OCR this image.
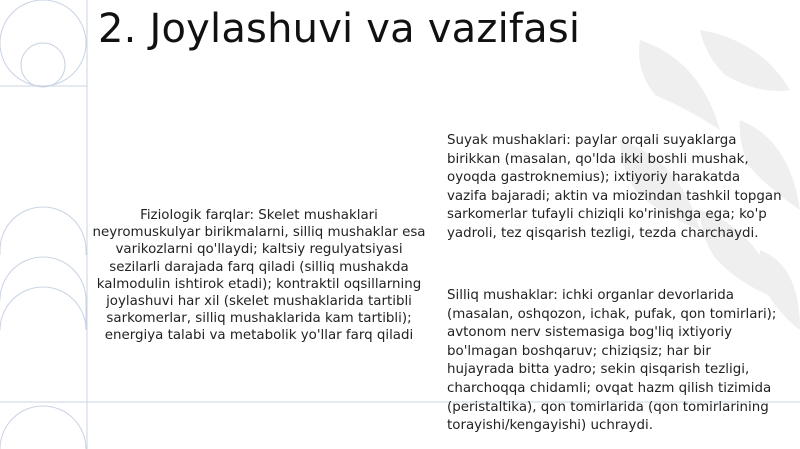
2. Joylashuvi va vazifasi
Fiziologik farqlar: Skelet mushaklari neyromuskulyar birikmalarni, silliq mushaklar esa varikozlarni qo'llaydi; kaltsiy regulyatsiyasi sezilarli darajada farq qiladi (silliq mushakda kalmodulin ishtirok etadi); kontraktil oqsillarning joylashuvi har xil (skelet mushaklarida tartibli sarkomerlar, silliq mushaklarida kam tartibli); energiya talabi va metabolik yo'llar farq qiladi
Suyak mushaklari: paylar orqali suyaklarga birikkan (masalan, qo'lda ikki boshli mushak, oyoqda gastroknemius); ixtiyoriy harakatda vazifa bajaradi; aktin va miozindan tashkil topgan sarkomerlar tufayli chiziqli ko'rinishga ega; ko'p yadroli, tez qisqarish tezligi, tezda charchaydi.
Silliq mushaklar: ichki organlar devorlarida (masalan, oshqozon, ichak, pufak, qon tomirlari); avtonom nerv sistemasiga bog'liq ixtiyoriy bo'lmagan boshqaruv; chiziqsiz; har bir hujayrada bitta yadro; sekin qisqarish tezligi, charchoqqa chidamli; ovqat hazm qilish tizimida (peristaltika), qon tomirlarida (qon tomirlarining torayishi/kengayishi) uchraydi.
